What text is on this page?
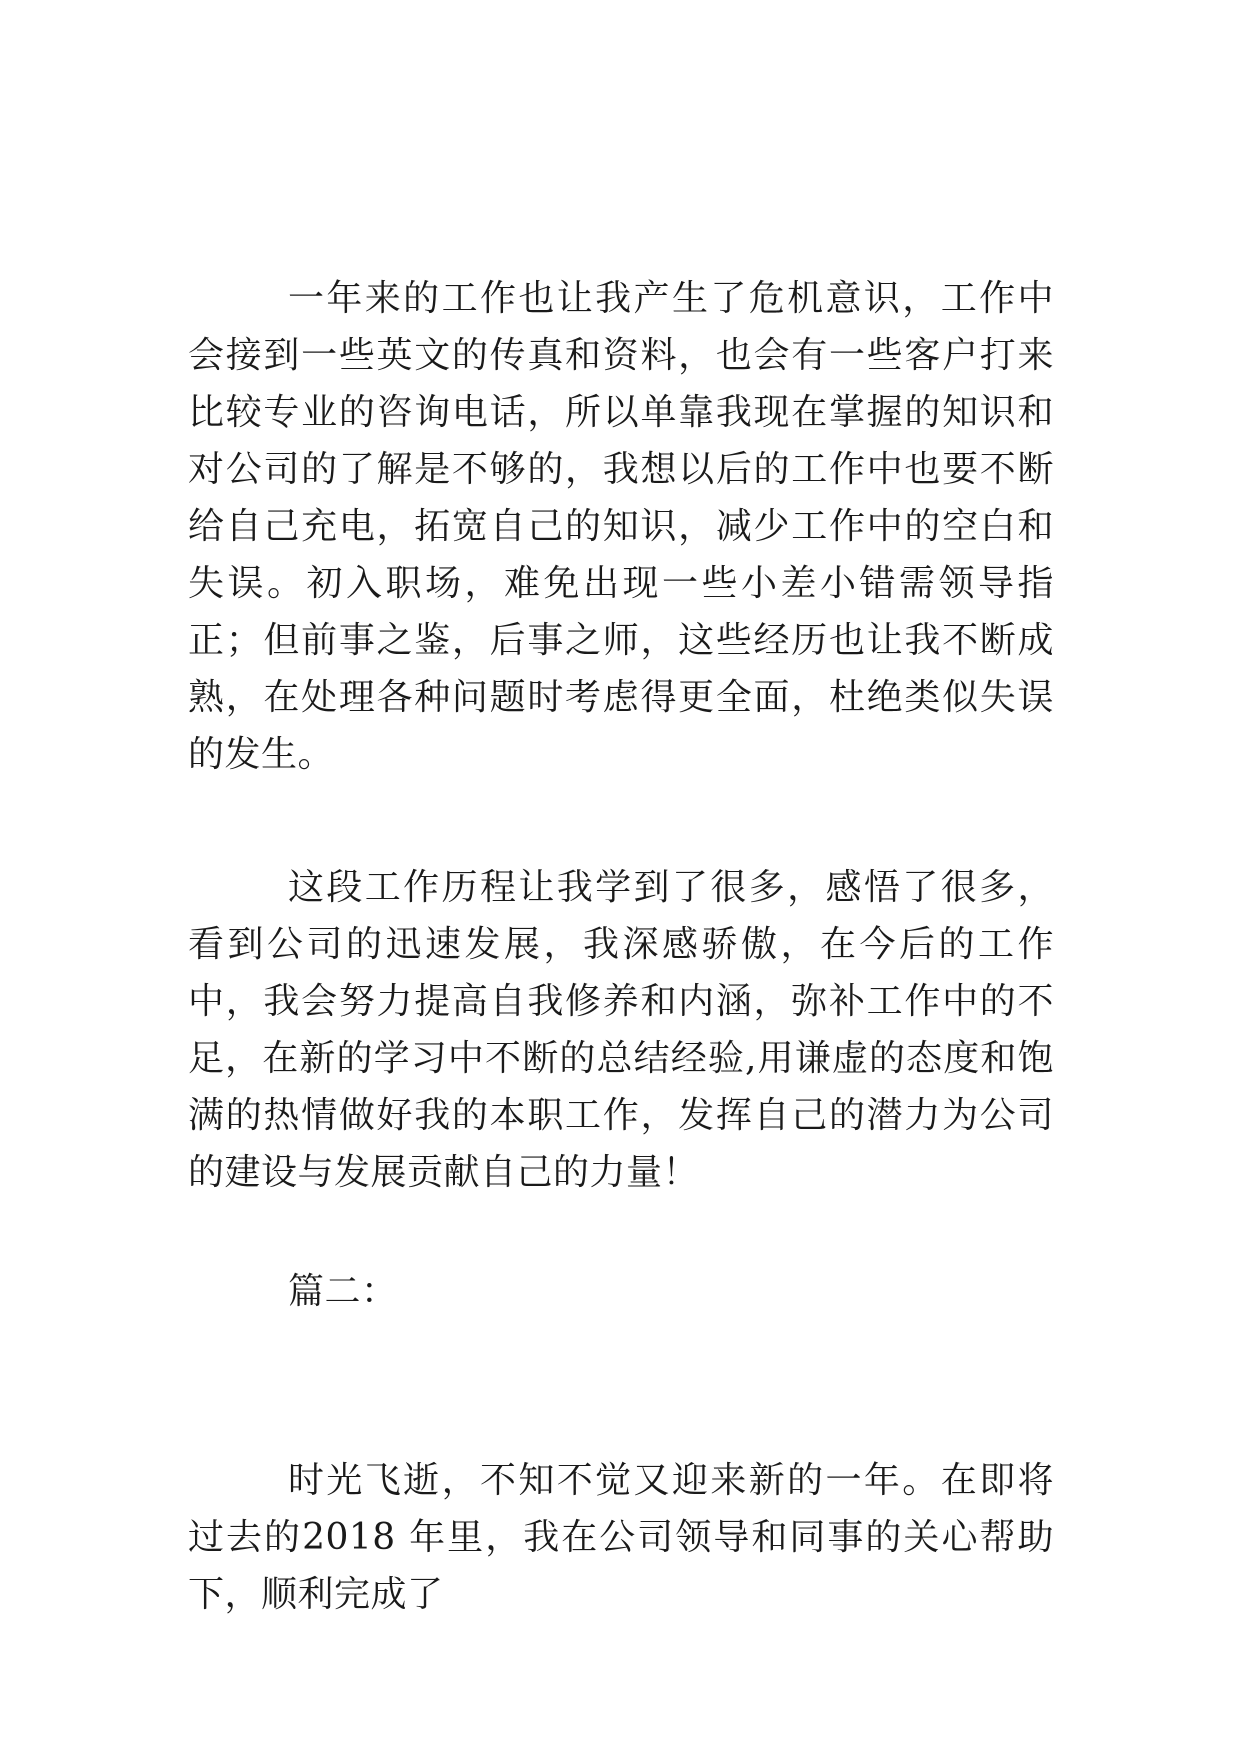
一年来的工作也让我产生了危机意识，工作中会接到一些英文的传真和资料，也会有一些客户打来比较专业的咨询电话，所以单靠我现在掌握的知识和对公司的了解是不够的，我想以后的工作中也要不断给自己充电，拓宽自己的知识，减少工作中的空白和失误。初入职场，难免出现一些小差小错需领导指正；但前事之鉴，后事之师，这些经历也让我不断成熟，在处理各种问题时考虑得更全面，杜绝类似失误的发生。

这段工作历程让我学到了很多，感悟了很多，看到公司的迅速发展，我深感骄傲，在今后的工作中，我会努力提高自我修养和内涵，弥补工作中的不足，在新的学习中不断的总结经验,用谦虚的态度和饱满的热情做好我的本职工作，发挥自己的潜力为公司的建设与发展贡献自己的力量！

篇二：

时光飞逝，不知不觉又迎来新的一年。在即将过去的2018 年里，我在公司领导和同事的关心帮助下，顺利完成了
